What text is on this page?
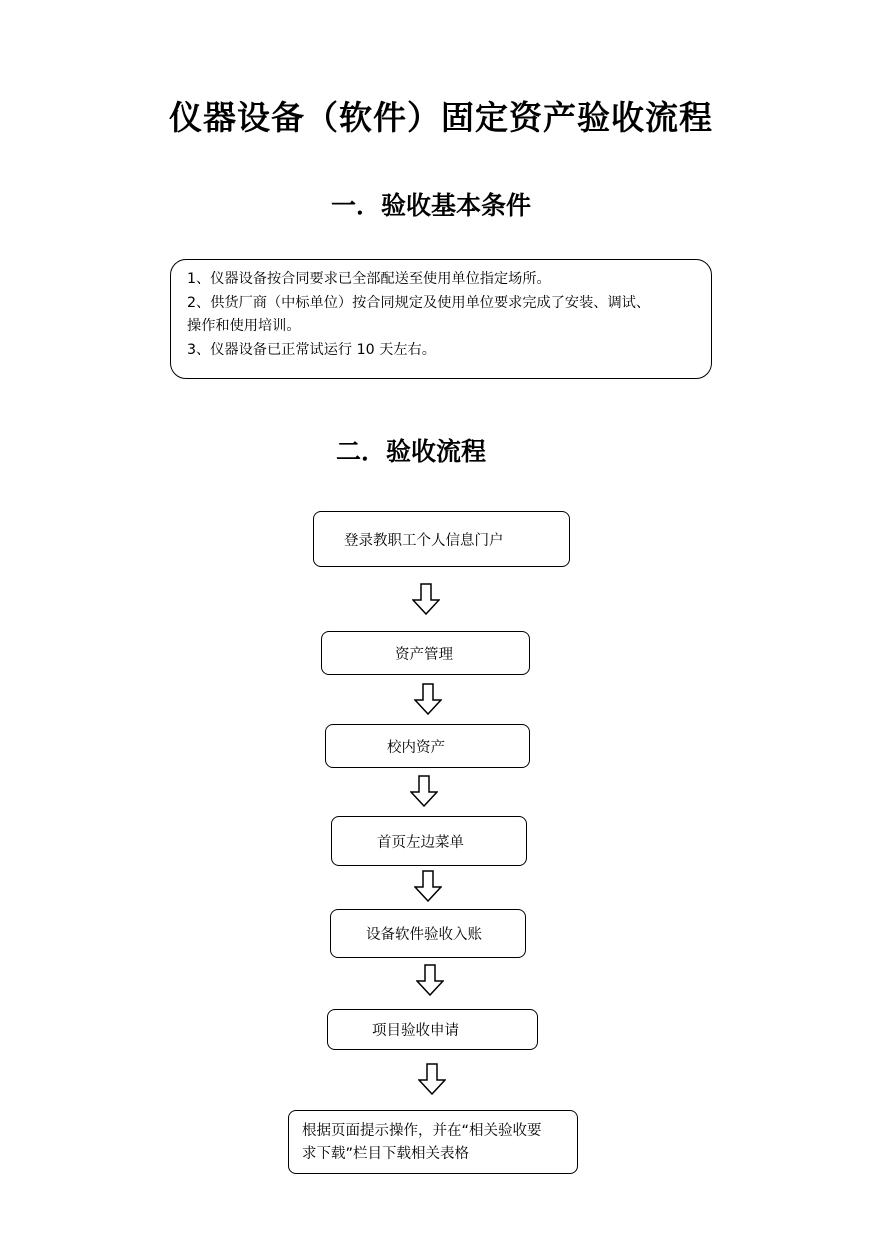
仪器设备（软件）固定资产验收流程
一．验收基本条件
1、仪器设备按合同要求已全部配送至使用单位指定场所。
2、供货厂商（中标单位）按合同规定及使用单位要求完成了安装、调试、
操作和使用培训。
3、仪器设备已正常试运行 10 天左右。
二．验收流程
登录教职工个人信息门户
资产管理
校内资产
首页左边菜单
设备软件验收入账
项目验收申请
根据页面提示操作，并在“相关验收要
求下载”栏目下载相关表格
